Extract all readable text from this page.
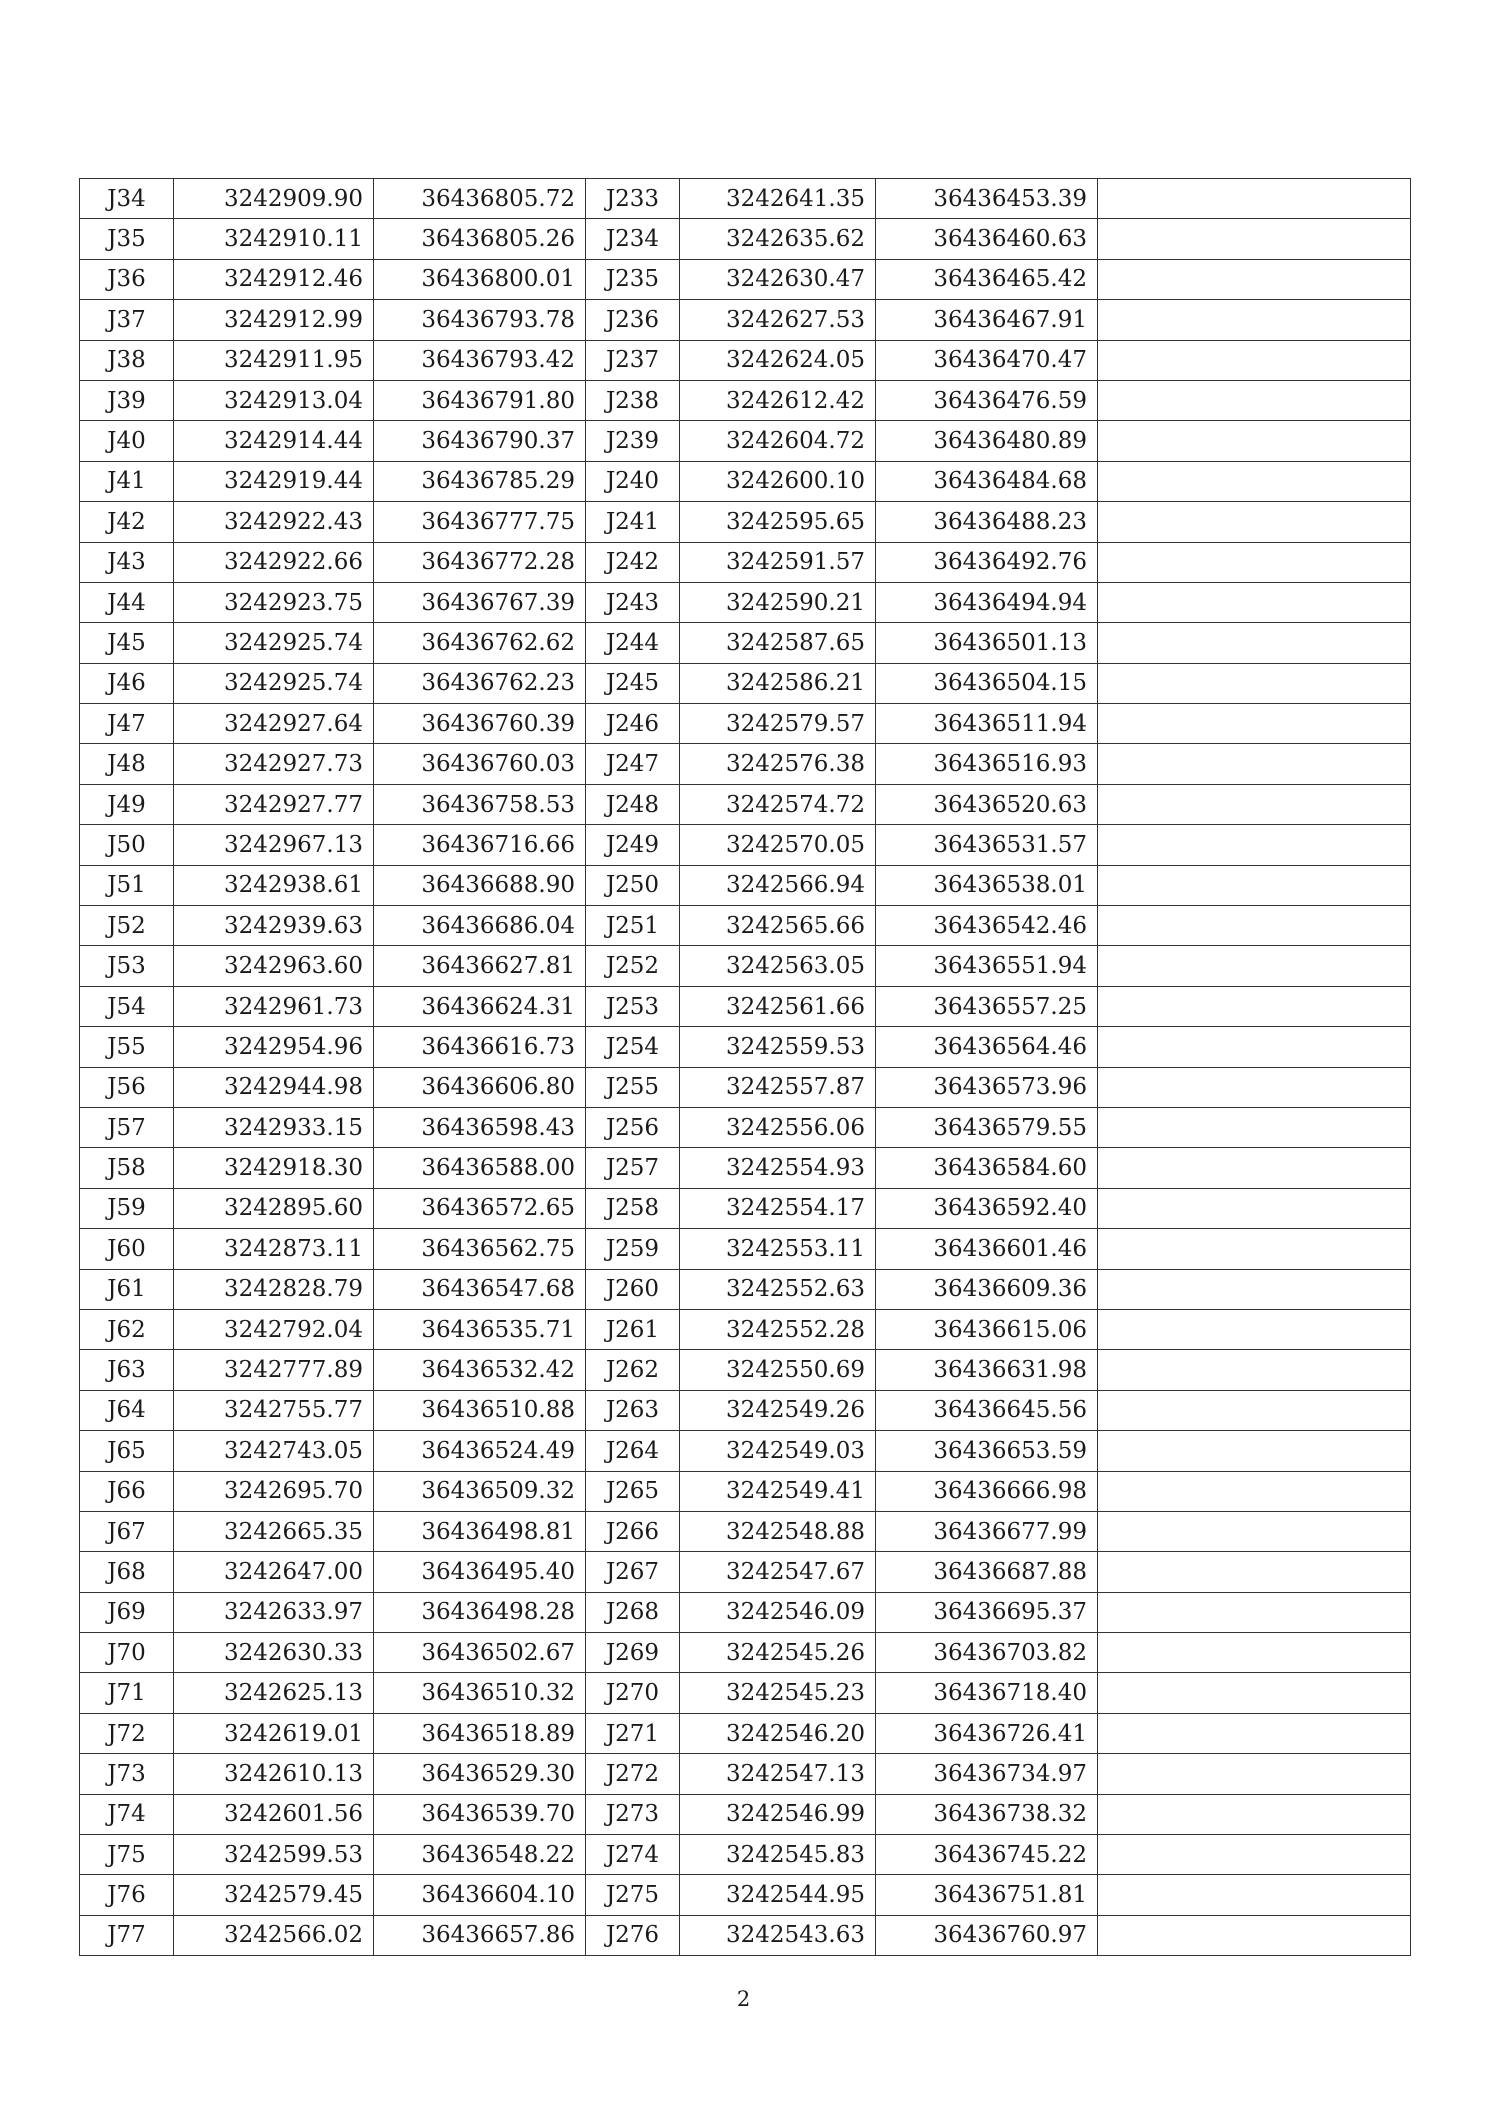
J34	3242909.90	36436805.72	J233	3242641.35	36436453.39	
J35	3242910.11	36436805.26	J234	3242635.62	36436460.63	
J36	3242912.46	36436800.01	J235	3242630.47	36436465.42	
J37	3242912.99	36436793.78	J236	3242627.53	36436467.91	
J38	3242911.95	36436793.42	J237	3242624.05	36436470.47	
J39	3242913.04	36436791.80	J238	3242612.42	36436476.59	
J40	3242914.44	36436790.37	J239	3242604.72	36436480.89	
J41	3242919.44	36436785.29	J240	3242600.10	36436484.68	
J42	3242922.43	36436777.75	J241	3242595.65	36436488.23	
J43	3242922.66	36436772.28	J242	3242591.57	36436492.76	
J44	3242923.75	36436767.39	J243	3242590.21	36436494.94	
J45	3242925.74	36436762.62	J244	3242587.65	36436501.13	
J46	3242925.74	36436762.23	J245	3242586.21	36436504.15	
J47	3242927.64	36436760.39	J246	3242579.57	36436511.94	
J48	3242927.73	36436760.03	J247	3242576.38	36436516.93	
J49	3242927.77	36436758.53	J248	3242574.72	36436520.63	
J50	3242967.13	36436716.66	J249	3242570.05	36436531.57	
J51	3242938.61	36436688.90	J250	3242566.94	36436538.01	
J52	3242939.63	36436686.04	J251	3242565.66	36436542.46	
J53	3242963.60	36436627.81	J252	3242563.05	36436551.94	
J54	3242961.73	36436624.31	J253	3242561.66	36436557.25	
J55	3242954.96	36436616.73	J254	3242559.53	36436564.46	
J56	3242944.98	36436606.80	J255	3242557.87	36436573.96	
J57	3242933.15	36436598.43	J256	3242556.06	36436579.55	
J58	3242918.30	36436588.00	J257	3242554.93	36436584.60	
J59	3242895.60	36436572.65	J258	3242554.17	36436592.40	
J60	3242873.11	36436562.75	J259	3242553.11	36436601.46	
J61	3242828.79	36436547.68	J260	3242552.63	36436609.36	
J62	3242792.04	36436535.71	J261	3242552.28	36436615.06	
J63	3242777.89	36436532.42	J262	3242550.69	36436631.98	
J64	3242755.77	36436510.88	J263	3242549.26	36436645.56	
J65	3242743.05	36436524.49	J264	3242549.03	36436653.59	
J66	3242695.70	36436509.32	J265	3242549.41	36436666.98	
J67	3242665.35	36436498.81	J266	3242548.88	36436677.99	
J68	3242647.00	36436495.40	J267	3242547.67	36436687.88	
J69	3242633.97	36436498.28	J268	3242546.09	36436695.37	
J70	3242630.33	36436502.67	J269	3242545.26	36436703.82	
J71	3242625.13	36436510.32	J270	3242545.23	36436718.40	
J72	3242619.01	36436518.89	J271	3242546.20	36436726.41	
J73	3242610.13	36436529.30	J272	3242547.13	36436734.97	
J74	3242601.56	36436539.70	J273	3242546.99	36436738.32	
J75	3242599.53	36436548.22	J274	3242545.83	36436745.22	
J76	3242579.45	36436604.10	J275	3242544.95	36436751.81	
J77	3242566.02	36436657.86	J276	3242543.63	36436760.97	
2
